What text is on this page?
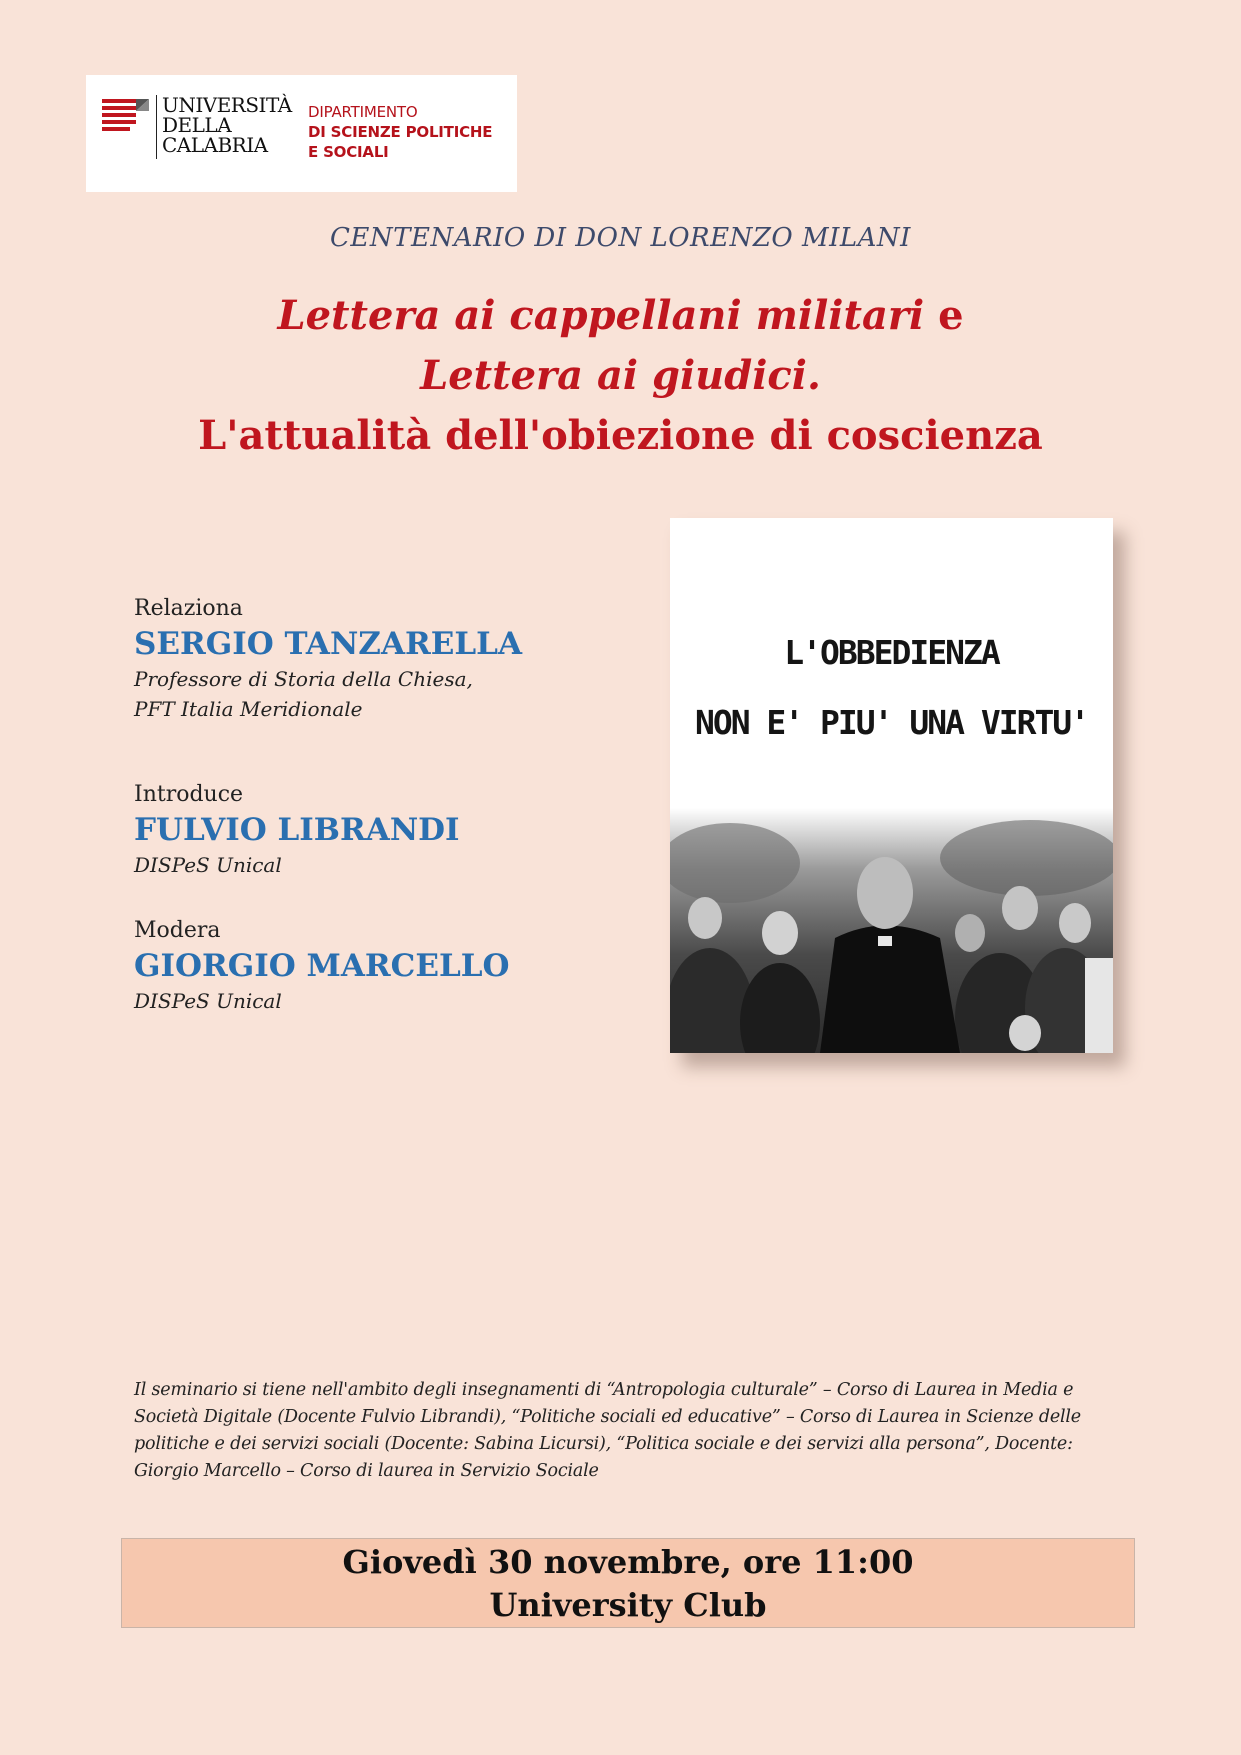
UNIVERSITÀ
DELLA
CALABRIA
DIPARTIMENTO
DI SCIENZE POLITICHE
E SOCIALI
CENTENARIO DI DON LORENZO MILANI
Lettera ai cappellani militari e
Lettera ai giudici.
L'attualità dell'obiezione di coscienza
Relaziona
SERGIO TANZARELLA
Professore di Storia della Chiesa,
PFT Italia Meridionale
Introduce
FULVIO LIBRANDI
DISPeS Unical
Modera
GIORGIO MARCELLO
DISPeS Unical
L'OBBEDIENZA
NON E' PIU' UNA VIRTU'
Il seminario si tiene nell'ambito degli insegnamenti di “Antropologia culturale” – Corso di Laurea in Media e Società Digitale (Docente Fulvio Librandi), “Politiche sociali ed educative” – Corso di Laurea in Scienze delle politiche e dei servizi sociali (Docente: Sabina Licursi), “Politica sociale e dei servizi alla persona”, Docente: Giorgio Marcello – Corso di laurea in Servizio Sociale
Giovedì 30 novembre, ore 11:00
University Club
